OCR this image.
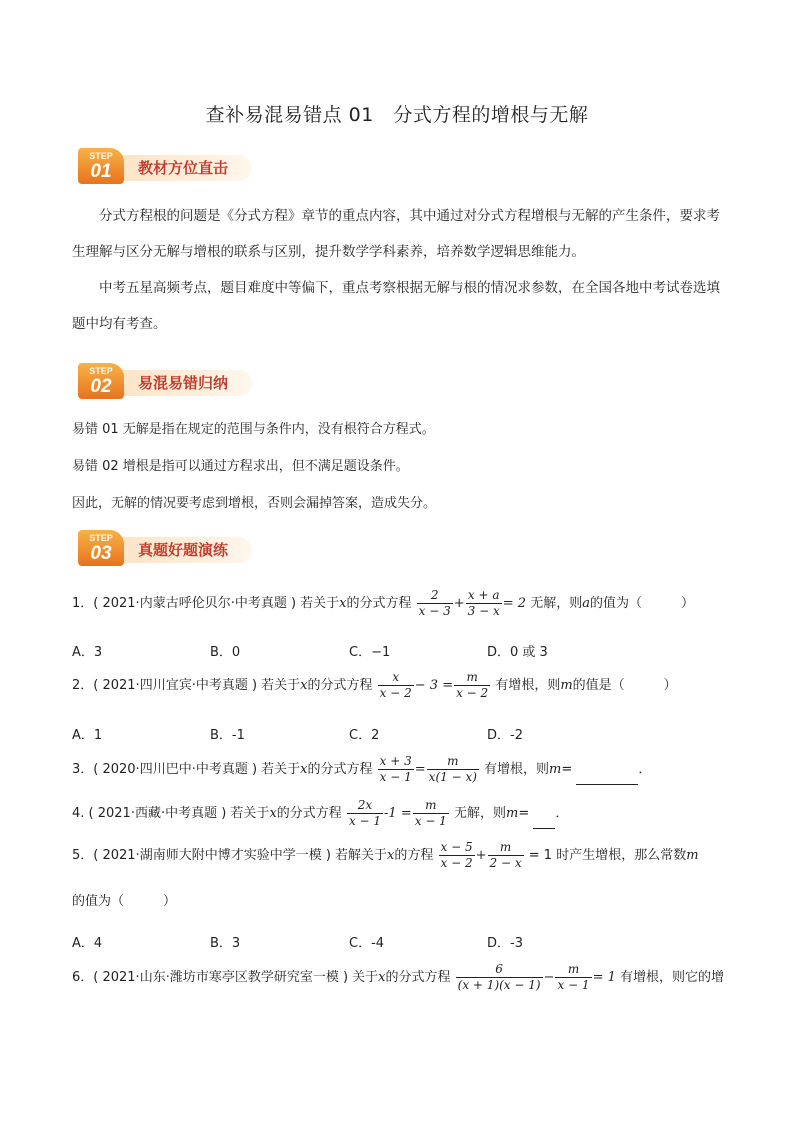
查补易混易错点 01　分式方程的增根与无解
STEP
01	教材方位直击

分式方程根的问题是《分式方程》章节的重点内容，其中通过对分式方程增根与无解的产生条件，要求考生理解与区分无解与增根的联系与区别，提升数学学科素养，培养数学逻辑思维能力。

中考五星高频考点，题目难度中等偏下，重点考察根据无解与根的情况求参数，在全国各地中考试卷选填题中均有考查。

STEP
02	易混易错归纳
易错 01 无解是指在规定的范围与条件内，没有根符合方程式。
易错 02 增根是指可以通过方程求出，但不满足题设条件。
因此，无解的情况要考虑到增根，否则会漏掉答案，造成失分。
STEP
03	真题好题演练
1．( 2021·内蒙古呼伦贝尔·中考真题 ) 若关于x的分式方程 $\frac{2}{x - 3} + \frac{x + a}{3 - x} = 2$ 无解，则a的值为（　　　）
A．3	B．0	C．−1	D．0 或 3
2．( 2021·四川宜宾·中考真题 ) 若关于x的分式方程 $\frac{x}{x - 2} - 3 = \frac{m}{x - 2}$ 有增根，则m的值是（　　　）
A．1	B．-1	C．2	D．-2
3．( 2020·四川巴中·中考真题 ) 若关于x的分式方程 $\frac{x + 3}{x - 1} = \frac{m}{x(1 - x)}$ 有增根，则m=	．
4. ( 2021·西藏·中考真题 ) 若关于x的分式方程 $\frac{2x}{x - 1} -1 = \frac{m}{x - 1}$ 无解，则m= ．
5．( 2021·湖南师大附中博才实验中学一模 ) 若解关于x的方程 $\frac{x - 5}{x - 2} + \frac{m}{2 - x} = 1$ 时产生增根，那么常数m
的值为（　　　）
A．4	B．3	C．-4	D．-3
6．( 2021·山东·潍坊市寒亭区教学研究室一模 ) 关于x的分式方程 $\frac{6}{(x + 1)(x - 1)} - \frac{m}{x - 1} = 1$ 有增根，则它的增
